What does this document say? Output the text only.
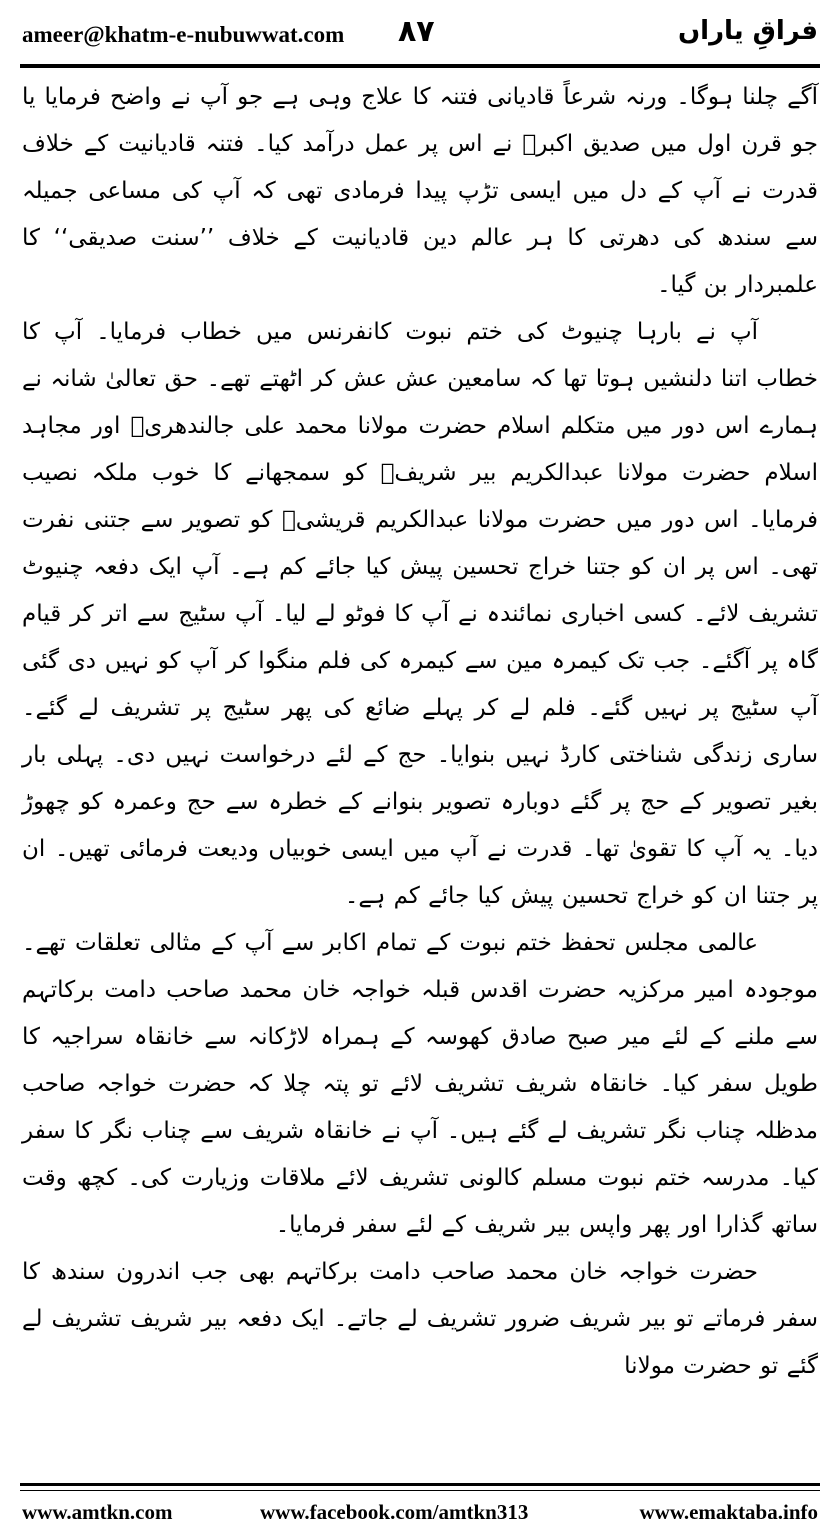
ameer@khatm-e-nubuwwat.com ۸۷	فراقِ یاراں

آگے چلنا ہوگا۔ ورنہ شرعاً قادیانی فتنہ کا علاج وہی ہے جو آپ نے واضح فرمایا یا جو قرن اول میں صدیق اکبرؓ نے اس پر عمل درآمد کیا۔ فتنہ قادیانیت کے خلاف قدرت نے آپ کے دل میں ایسی تڑپ پیدا فرمادی تھی کہ آپ کی مساعی جمیلہ سے سندھ کی دھرتی کا ہر عالم دین قادیانیت کے خلاف ’’سنت صدیقی‘‘ کا علمبردار بن گیا۔

آپ نے بارہا چنیوٹ کی ختم نبوت کانفرنس میں خطاب فرمایا۔ آپ کا خطاب اتنا دلنشیں ہوتا تھا کہ سامعین عش عش کر اٹھتے تھے۔ حق تعالیٰ شانہ نے ہمارے اس دور میں متکلم اسلام حضرت مولانا محمد علی جالندھریؒ اور مجاہد اسلام حضرت مولانا عبدالکریم بیر شریفؒ کو سمجھانے کا خوب ملکہ نصیب فرمایا۔ اس دور میں حضرت مولانا عبدالکریم قریشیؒ کو تصویر سے جتنی نفرت تھی۔ اس پر ان کو جتنا خراج تحسین پیش کیا جائے کم ہے۔ آپ ایک دفعہ چنیوٹ تشریف لائے۔ کسی اخباری نمائندہ نے آپ کا فوٹو لے لیا۔ آپ سٹیج سے اتر کر قیام گاہ پر آگئے۔ جب تک کیمرہ مین سے کیمرہ کی فلم منگوا کر آپ کو نہیں دی گئی آپ سٹیج پر نہیں گئے۔ فلم لے کر پہلے ضائع کی پھر سٹیج پر تشریف لے گئے۔ ساری زندگی شناختی کارڈ نہیں بنوایا۔ حج کے لئے درخواست نہیں دی۔ پہلی بار بغیر تصویر کے حج پر گئے دوبارہ تصویر بنوانے کے خطرہ سے حج وعمرہ کو چھوڑ دیا۔ یہ آپ کا تقویٰ تھا۔ قدرت نے آپ میں ایسی خوبیاں ودیعت فرمائی تھیں۔ ان پر جتنا ان کو خراج تحسین پیش کیا جائے کم ہے۔

عالمی مجلس تحفظ ختم نبوت کے تمام اکابر سے آپ کے مثالی تعلقات تھے۔ موجودہ امیر مرکزیہ حضرت اقدس قبلہ خواجہ خان محمد صاحب دامت برکاتہم سے ملنے کے لئے میر صبح صادق کھوسہ کے ہمراہ لاڑکانہ سے خانقاہ سراجیہ کا طویل سفر کیا۔ خانقاہ شریف تشریف لائے تو پتہ چلا کہ حضرت خواجہ صاحب مدظلہ چناب نگر تشریف لے گئے ہیں۔ آپ نے خانقاہ شریف سے چناب نگر کا سفر کیا۔ مدرسہ ختم نبوت مسلم کالونی تشریف لائے ملاقات وزیارت کی۔ کچھ وقت ساتھ گذارا اور پھر واپس بیر شریف کے لئے سفر فرمایا۔

حضرت خواجہ خان محمد صاحب دامت برکاتہم بھی جب اندرون سندھ کا سفر فرماتے تو بیر شریف ضرور تشریف لے جاتے۔ ایک دفعہ بیر شریف تشریف لے گئے تو حضرت مولانا

www.amtkn.com	www.facebook.com/amtkn313	www.emaktaba.info
